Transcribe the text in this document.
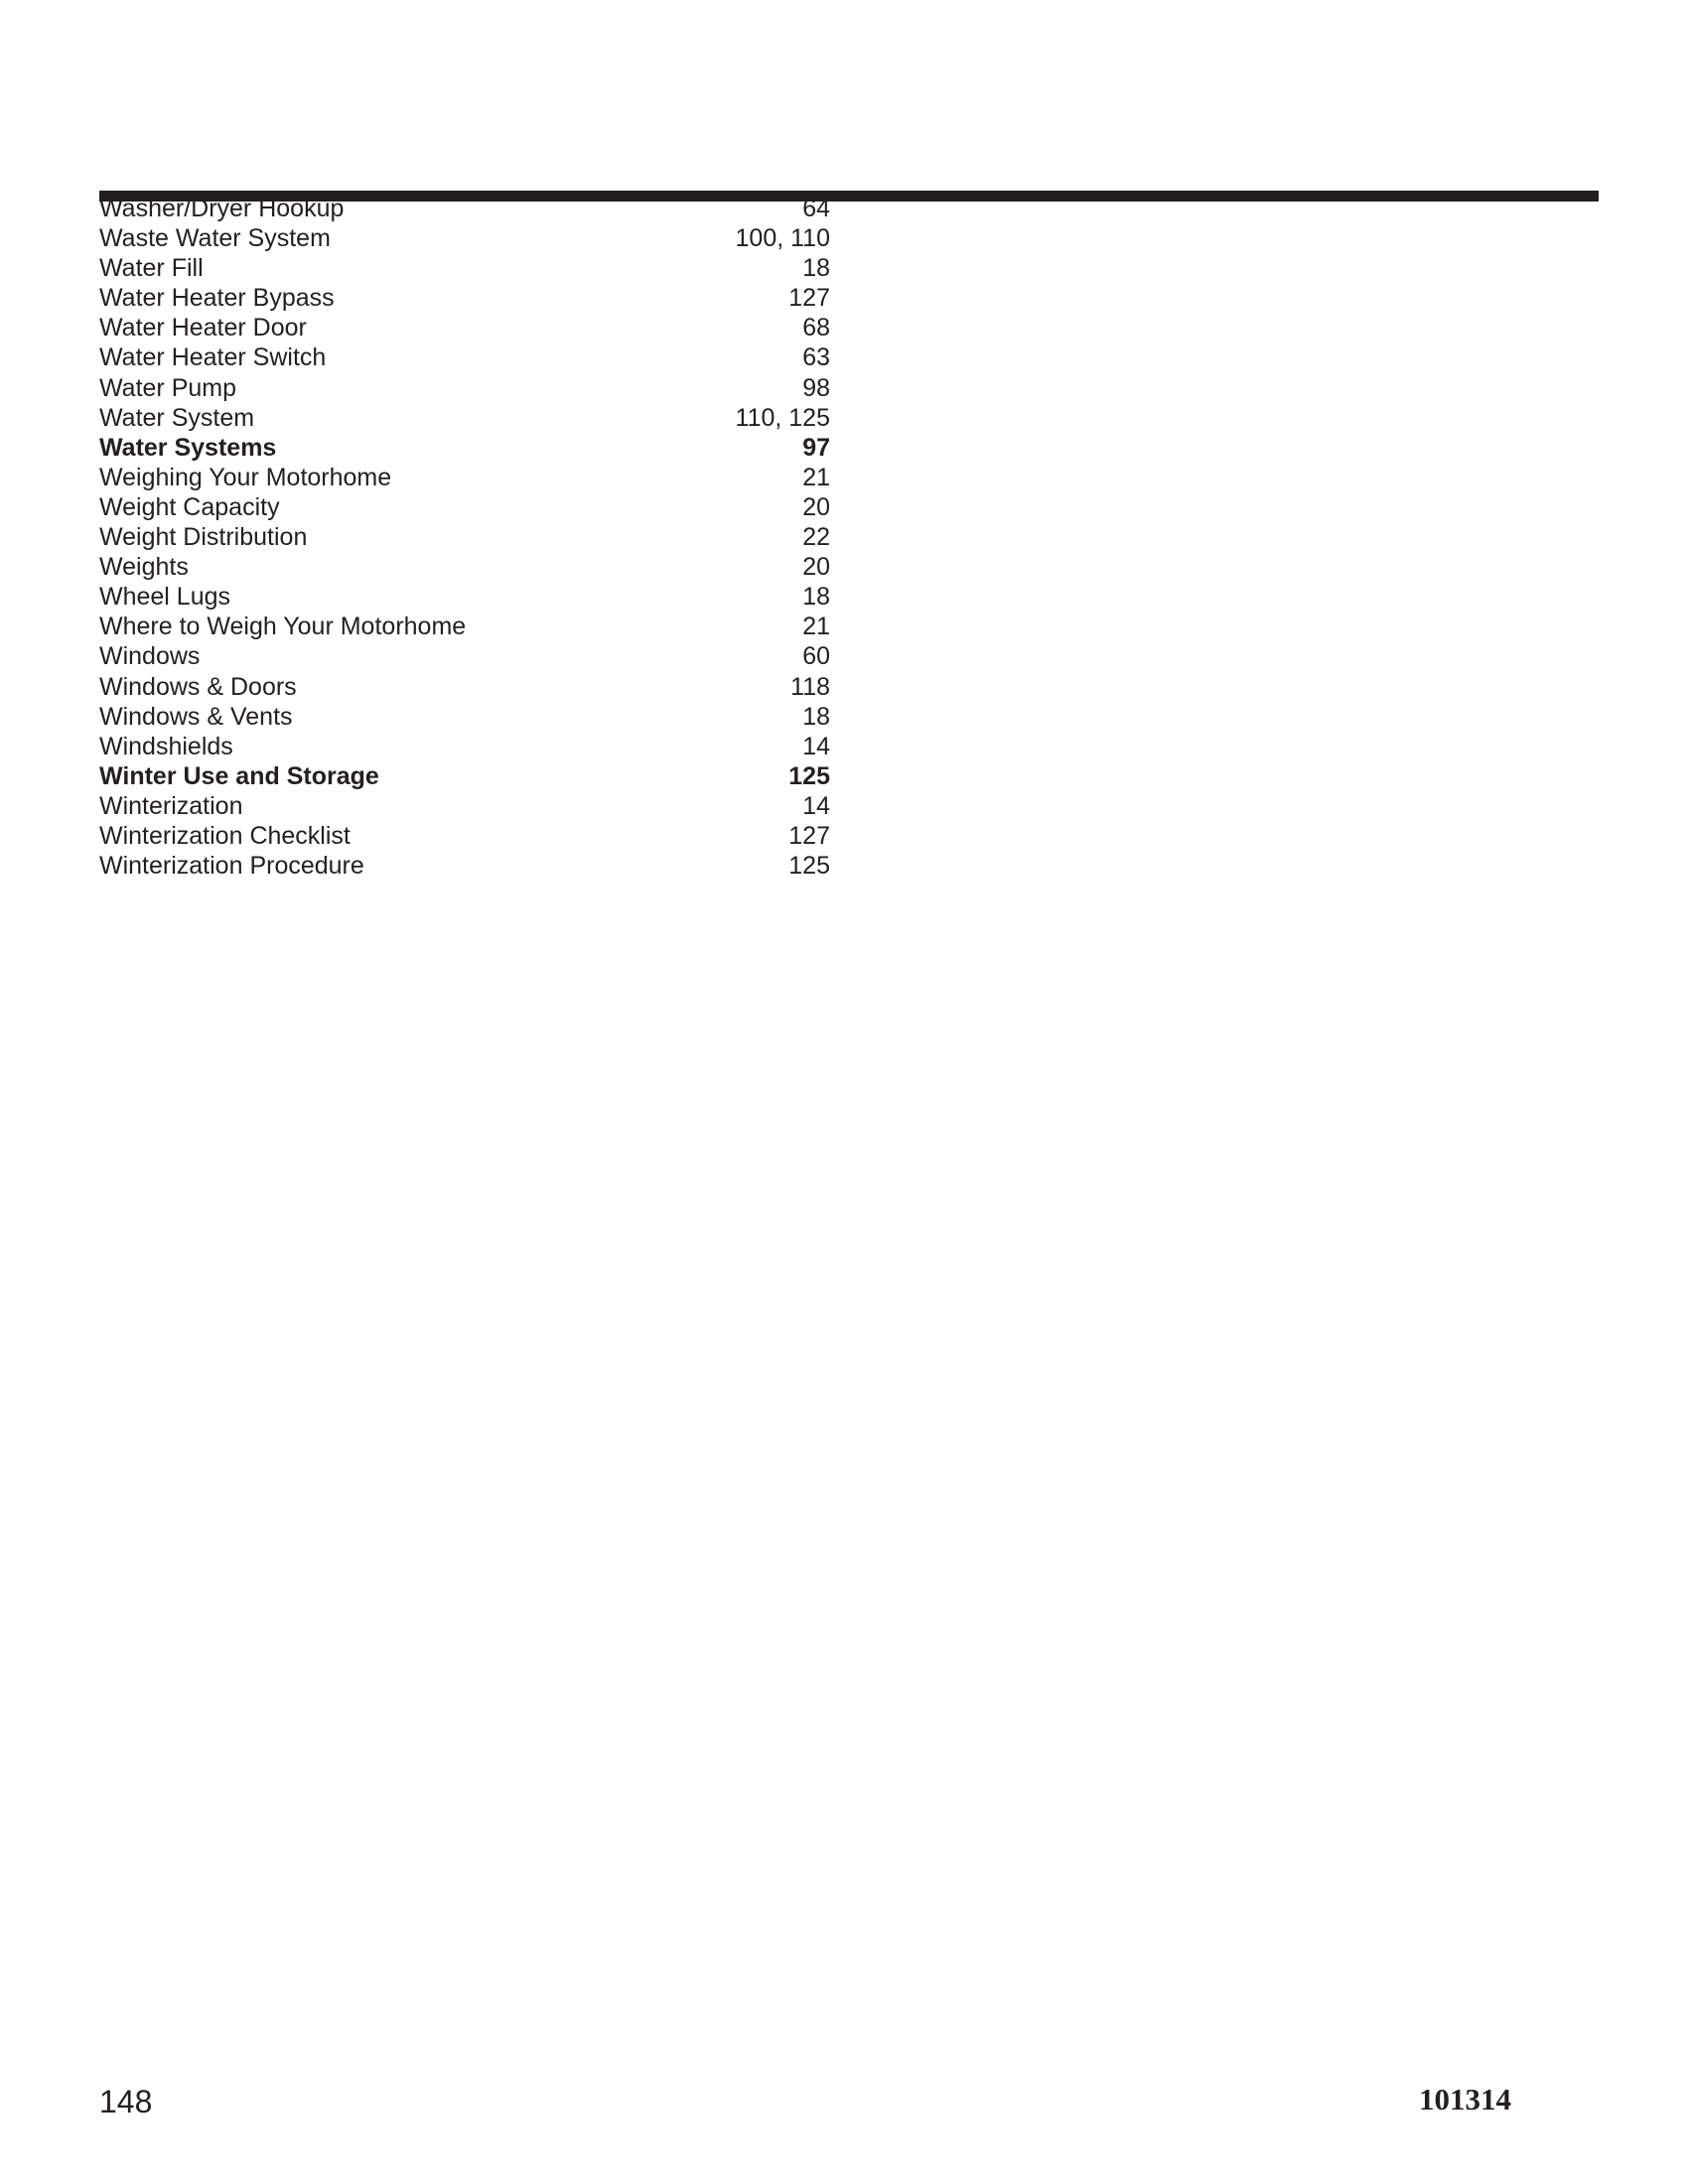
Washer/Dryer Hookup	64
Waste Water System	100, 110
Water Fill	18
Water Heater Bypass	127
Water Heater Door	68
Water Heater Switch	63
Water Pump	98
Water System	110, 125
Water Systems	97
Weighing Your Motorhome	21
Weight Capacity	20
Weight Distribution	22
Weights	20
Wheel Lugs	18
Where to Weigh Your Motorhome	21
Windows	60
Windows & Doors	118
Windows & Vents	18
Windshields	14
Winter Use and Storage	125
Winterization	14
Winterization Checklist	127
Winterization Procedure	125
148	101314
